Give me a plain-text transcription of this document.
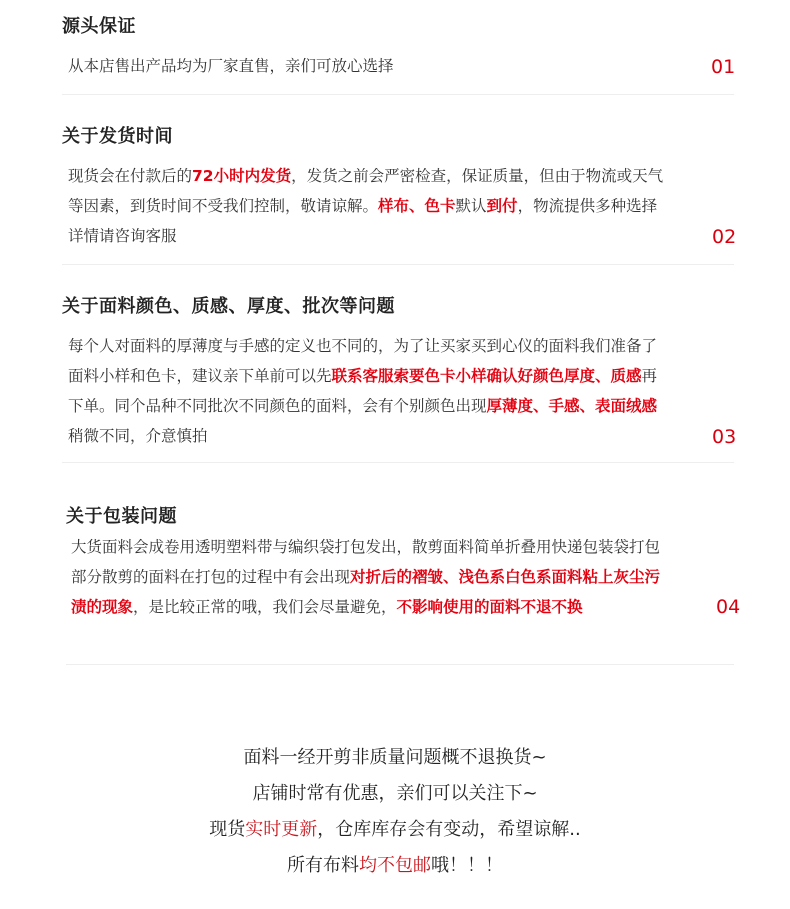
源头保证
从本店售出产品均为厂家直售，亲们可放心选择	01
关于发货时间
现货会在付款后的72小时内发货，发货之前会严密检查，保证质量，但由于物流或天气
等因素，到货时间不受我们控制，敬请谅解。样布、色卡默认到付，物流提供多种选择
详情请咨询客服	02
关于面料颜色、质感、厚度、批次等问题
每个人对面料的厚薄度与手感的定义也不同的，为了让买家买到心仪的面料我们准备了
面料小样和色卡，建议亲下单前可以先联系客服索要色卡小样确认好颜色厚度、质感再
下单。同个品种不同批次不同颜色的面料，会有个别颜色出现厚薄度、手感、表面绒感
稍微不同，介意慎拍	03
关于包装问题
大货面料会成卷用透明塑料带与编织袋打包发出，散剪面料简单折叠用快递包装袋打包
部分散剪的面料在打包的过程中有会出现对折后的褶皱、浅色系白色系面料粘上灰尘污
渍的现象，是比较正常的哦，我们会尽量避免，不影响使用的面料不退不换	04
面料一经开剪非质量问题概不退换货~
店铺时常有优惠，亲们可以关注下~
现货实时更新，仓库库存会有变动，希望谅解..
所有布料均不包邮哦！！！
